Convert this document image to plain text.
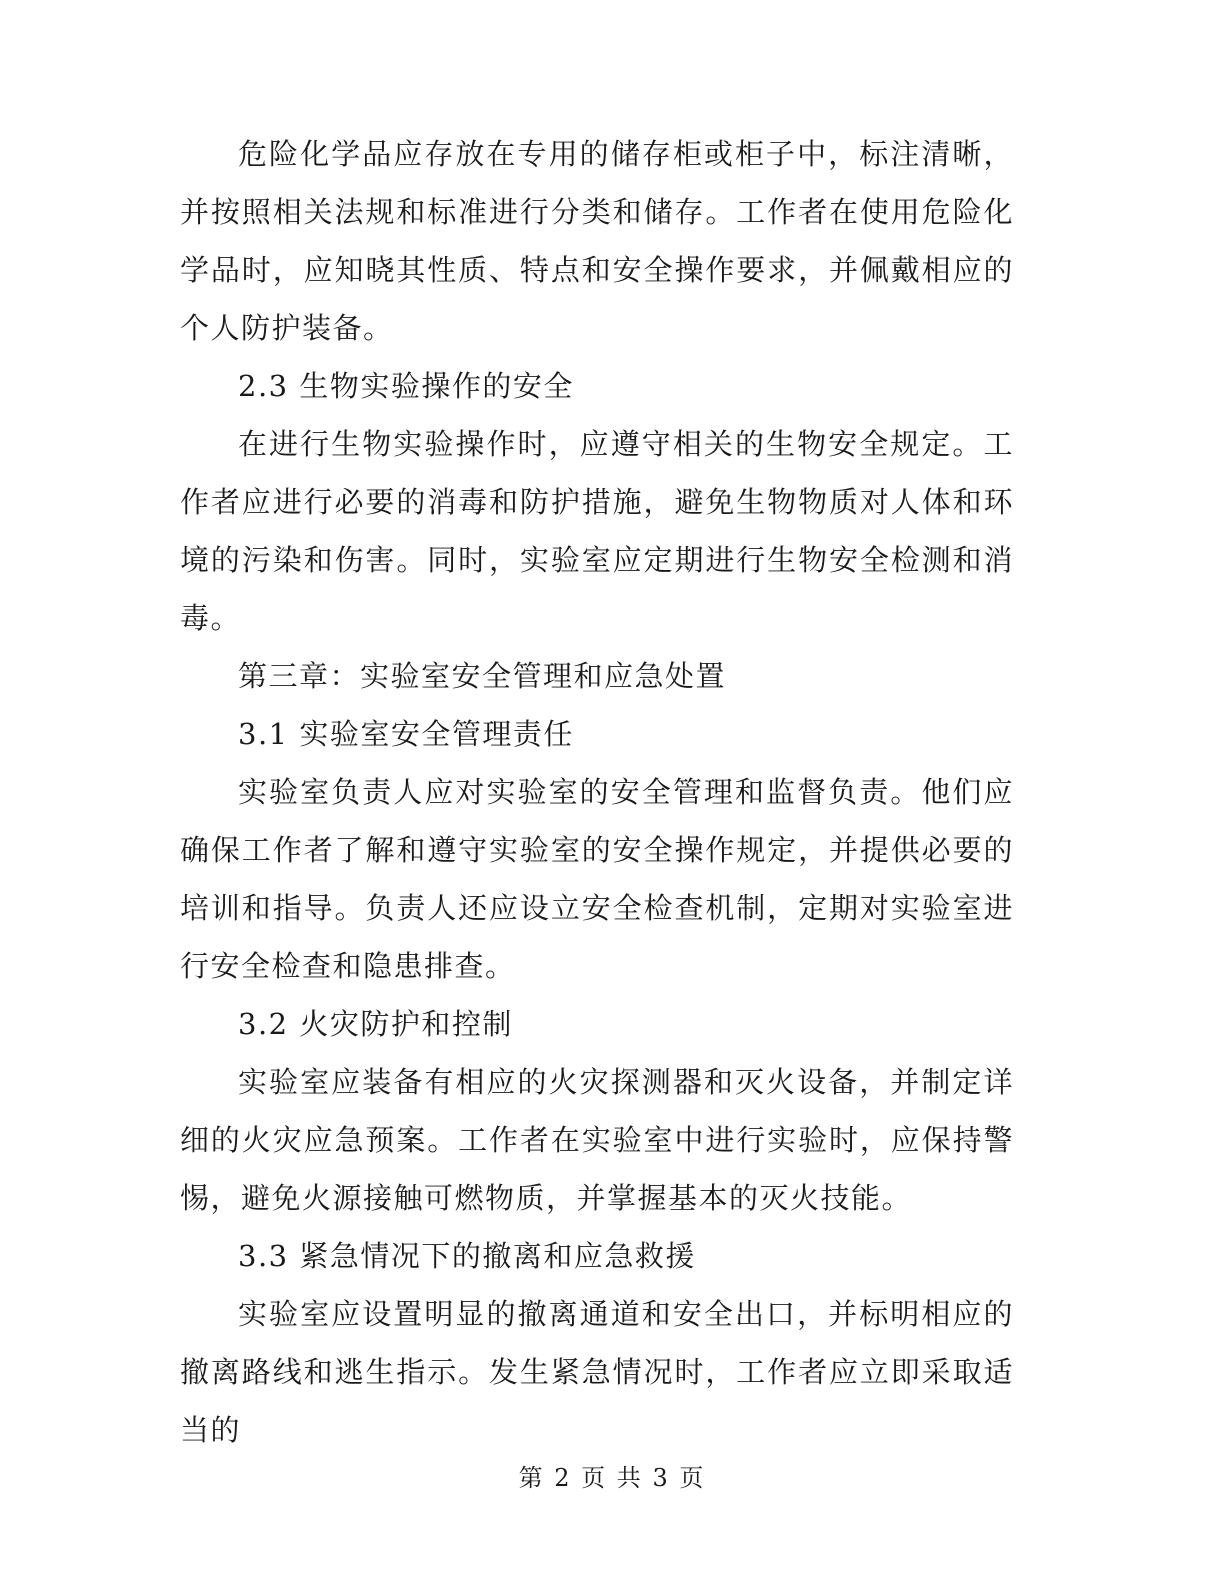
危险化学品应存放在专用的储存柜或柜子中，标注清晰，并按照相关法规和标准进行分类和储存。工作者在使用危险化学品时，应知晓其性质、特点和安全操作要求，并佩戴相应的个人防护装备。

2.3 生物实验操作的安全

在进行生物实验操作时，应遵守相关的生物安全规定。工作者应进行必要的消毒和防护措施，避免生物物质对人体和环境的污染和伤害。同时，实验室应定期进行生物安全检测和消毒。

第三章：实验室安全管理和应急处置

3.1 实验室安全管理责任

实验室负责人应对实验室的安全管理和监督负责。他们应确保工作者了解和遵守实验室的安全操作规定，并提供必要的培训和指导。负责人还应设立安全检查机制，定期对实验室进行安全检查和隐患排查。

3.2 火灾防护和控制

实验室应装备有相应的火灾探测器和灭火设备，并制定详细的火灾应急预案。工作者在实验室中进行实验时，应保持警惕，避免火源接触可燃物质，并掌握基本的灭火技能。

3.3 紧急情况下的撤离和应急救援

实验室应设置明显的撤离通道和安全出口，并标明相应的撤离路线和逃生指示。发生紧急情况时，工作者应立即采取适当的

第 2 页 共 3 页
